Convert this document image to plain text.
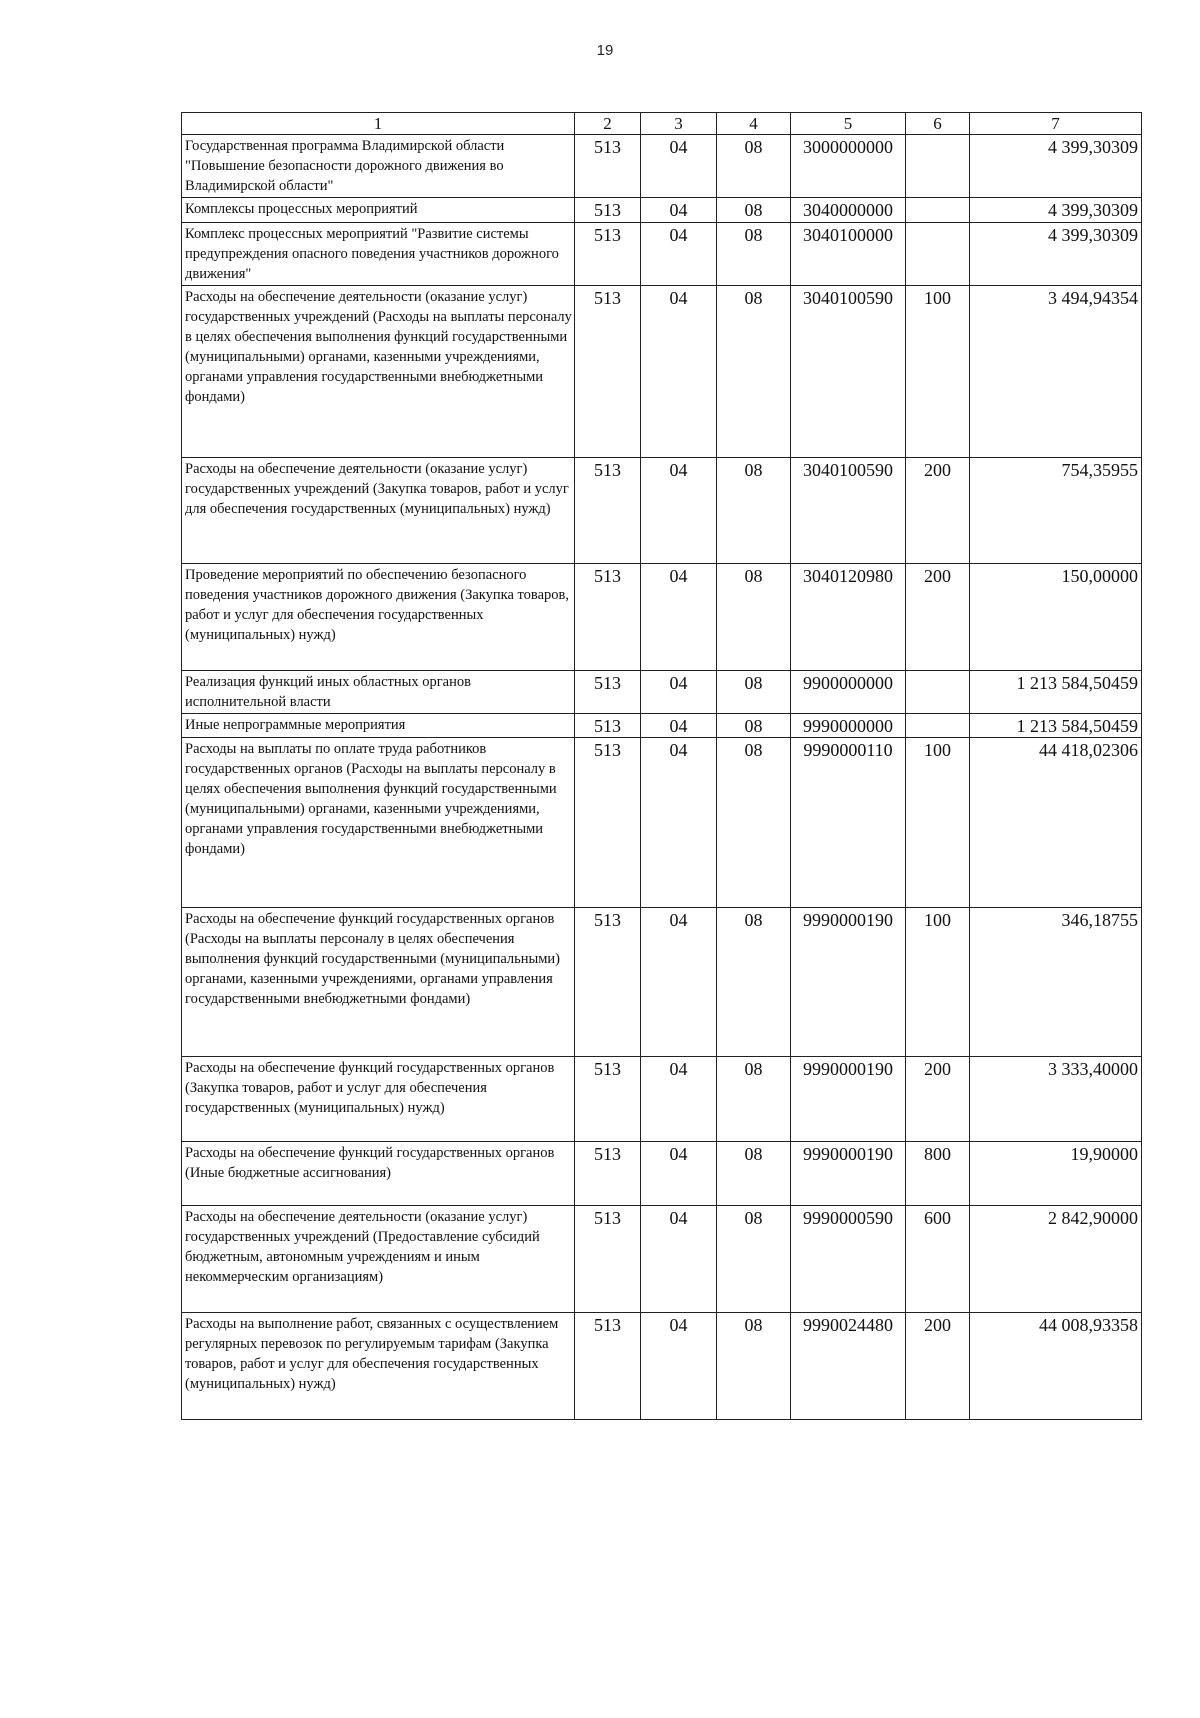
19
1	2	3	4	5	6	7
Государственная программа Владимирской области "Повышение безопасности дорожного движения во Владимирской области"	513	04	08	3000000000		4 399,30309
Комплексы процессных мероприятий	513	04	08	3040000000		4 399,30309
Комплекс процессных мероприятий "Развитие системы предупреждения опасного поведения участников дорожного движения"	513	04	08	3040100000		4 399,30309
Расходы на обеспечение деятельности (оказание услуг) государственных учреждений (Расходы на выплаты персоналу в целях обеспечения выполнения функций государственными (муниципальными) органами, казенными учреждениями, органами управления государственными внебюджетными фондами)	513	04	08	3040100590	100	3 494,94354
Расходы на обеспечение деятельности (оказание услуг) государственных учреждений (Закупка товаров, работ и услуг для обеспечения государственных (муниципальных) нужд)	513	04	08	3040100590	200	754,35955
Проведение мероприятий по обеспечению безопасного поведения участников дорожного движения (Закупка товаров, работ и услуг для обеспечения государственных (муниципальных) нужд)	513	04	08	3040120980	200	150,00000
Реализация функций иных областных органов исполнительной власти	513	04	08	9900000000		1 213 584,50459
Иные непрограммные мероприятия	513	04	08	9990000000		1 213 584,50459
Расходы на выплаты по оплате труда работников государственных органов (Расходы на выплаты персоналу в целях обеспечения выполнения функций государственными (муниципальными) органами, казенными учреждениями, органами управления государственными внебюджетными фондами)	513	04	08	9990000110	100	44 418,02306
Расходы на обеспечение функций государственных органов (Расходы на выплаты персоналу в целях обеспечения выполнения функций государственными (муниципальными) органами, казенными учреждениями, органами управления государственными внебюджетными фондами)	513	04	08	9990000190	100	346,18755
Расходы на обеспечение функций государственных органов (Закупка товаров, работ и услуг для обеспечения государственных (муниципальных) нужд)	513	04	08	9990000190	200	3 333,40000
Расходы на обеспечение функций государственных органов (Иные бюджетные ассигнования)	513	04	08	9990000190	800	19,90000
Расходы на обеспечение деятельности (оказание услуг) государственных учреждений (Предоставление субсидий бюджетным, автономным учреждениям и иным некоммерческим организациям)	513	04	08	9990000590	600	2 842,90000
Расходы на выполнение работ, связанных с осуществлением регулярных перевозок по регулируемым тарифам (Закупка товаров, работ и услуг для обеспечения государственных (муниципальных) нужд)	513	04	08	9990024480	200	44 008,93358
